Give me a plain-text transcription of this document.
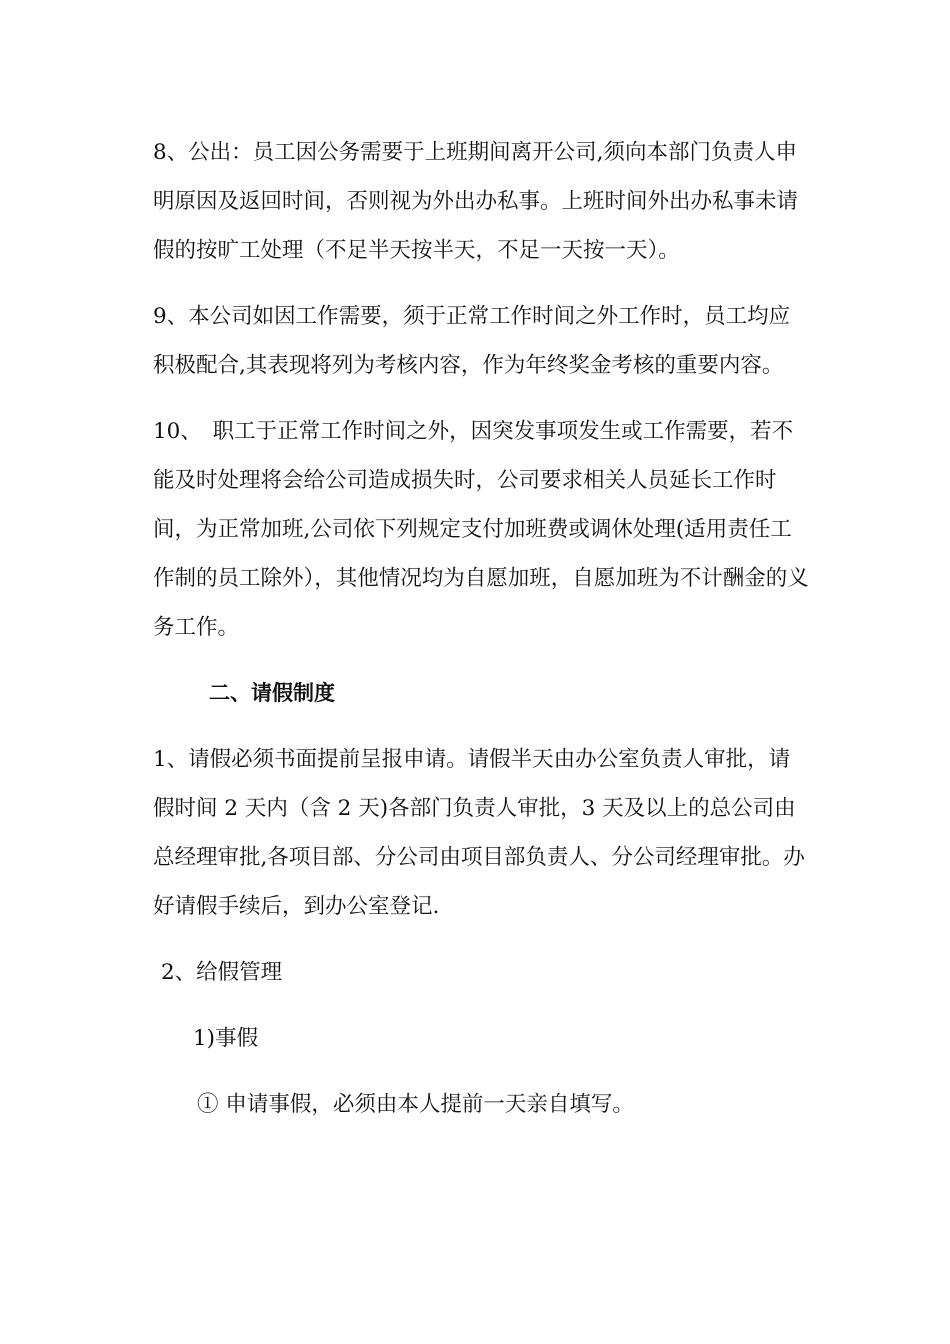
8、公出：员工因公务需要于上班期间离开公司,须向本部门负责人申明原因及返回时间，否则视为外出办私事。上班时间外出办私事未请假的按旷工处理（不足半天按半天，不足一天按一天）。

9、本公司如因工作需要，须于正常工作时间之外工作时，员工均应积极配合,其表现将列为考核内容，作为年终奖金考核的重要内容。

10、　职工于正常工作时间之外，因突发事项发生或工作需要，若不能及时处理将会给公司造成损失时，公司要求相关人员延长工作时间，为正常加班,公司依下列规定支付加班费或调休处理(适用责任工作制的员工除外），其他情况均为自愿加班，自愿加班为不计酬金的义务工作。

二、请假制度

1、请假必须书面提前呈报申请。请假半天由办公室负责人审批，请假时间 2 天内（含 2 天)各部门负责人审批，3 天及以上的总公司由总经理审批,各项目部、分公司由项目部负责人、分公司经理审批。办好请假手续后，到办公室登记.

2、给假管理

1)事假

① 申请事假，必须由本人提前一天亲自填写。
